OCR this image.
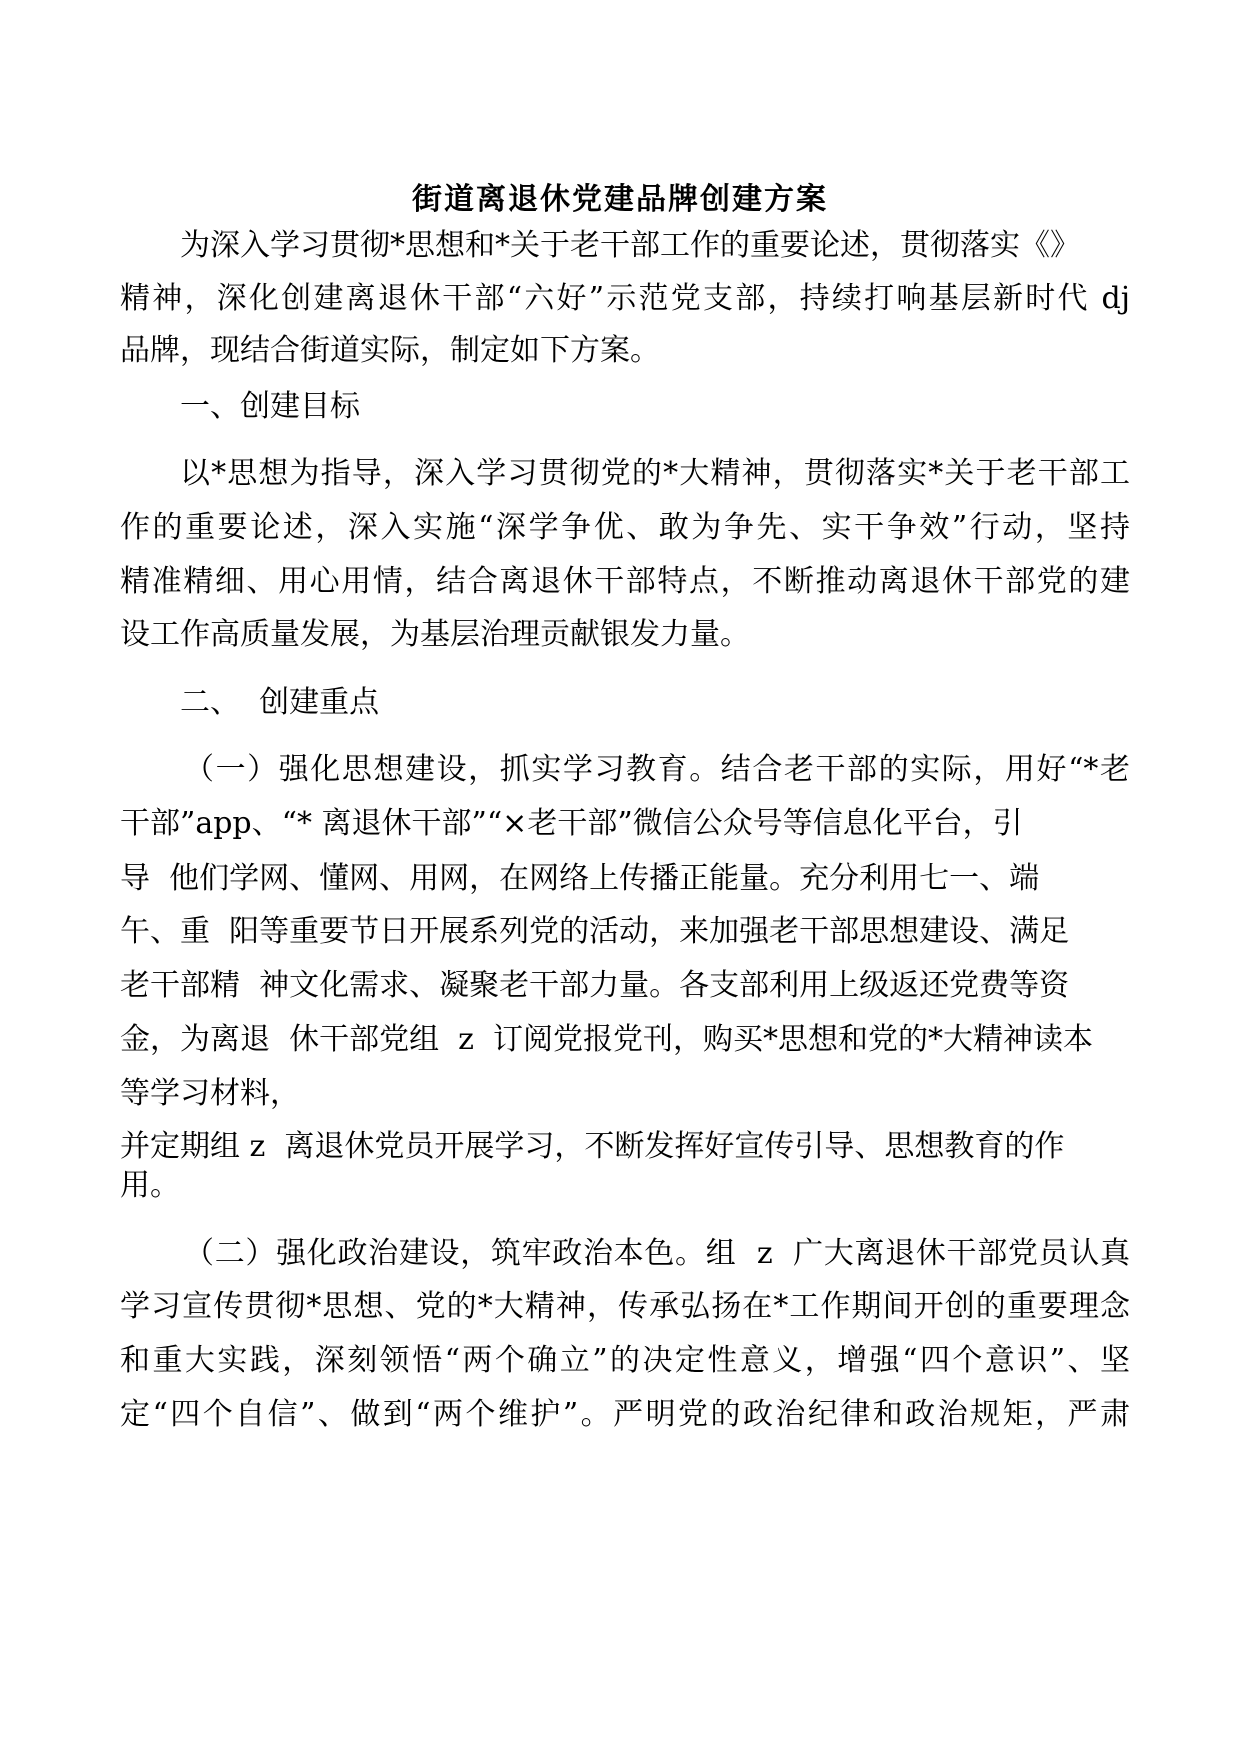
街道离退休党建品牌创建方案

为深入学习贯彻*思想和*关于老干部工作的重要论述，贯彻落实《》

精神，深化创建离退休干部“六好”示范党支部，持续打响基层新时代 dj

品牌，现结合街道实际，制定如下方案。

一、创建目标

以*思想为指导，深入学习贯彻党的*大精神，贯彻落实*关于老干部工

作的重要论述，深入实施“深学争优、敢为争先、实干争效”行动，坚持

精准精细、用心用情，结合离退休干部特点，不断推动离退休干部党的建

设工作高质量发展，为基层治理贡献银发力量。

二、  创建重点

（一）强化思想建设，抓实学习教育。结合老干部的实际，用好“*老

干部”app、“* 离退休干部”“×老干部”微信公众号等信息化平台，引

导  他们学网、懂网、用网，在网络上传播正能量。充分利用七一、端

午、重  阳等重要节日开展系列党的活动，来加强老干部思想建设、满足

老干部精  神文化需求、凝聚老干部力量。各支部利用上级返还党费等资

金，为离退  休干部党组  z  订阅党报党刊，购买*思想和党的*大精神读本

等学习材料，

并定期组 z  离退休党员开展学习，不断发挥好宣传引导、思想教育的作

用。

（二）强化政治建设，筑牢政治本色。组  z  广大离退休干部党员认真

学习宣传贯彻*思想、党的*大精神，传承弘扬在*工作期间开创的重要理念

和重大实践，深刻领悟“两个确立”的决定性意义，增强“四个意识”、坚

定“四个自信”、做到“两个维护”。严明党的政治纪律和政治规矩，严肃
